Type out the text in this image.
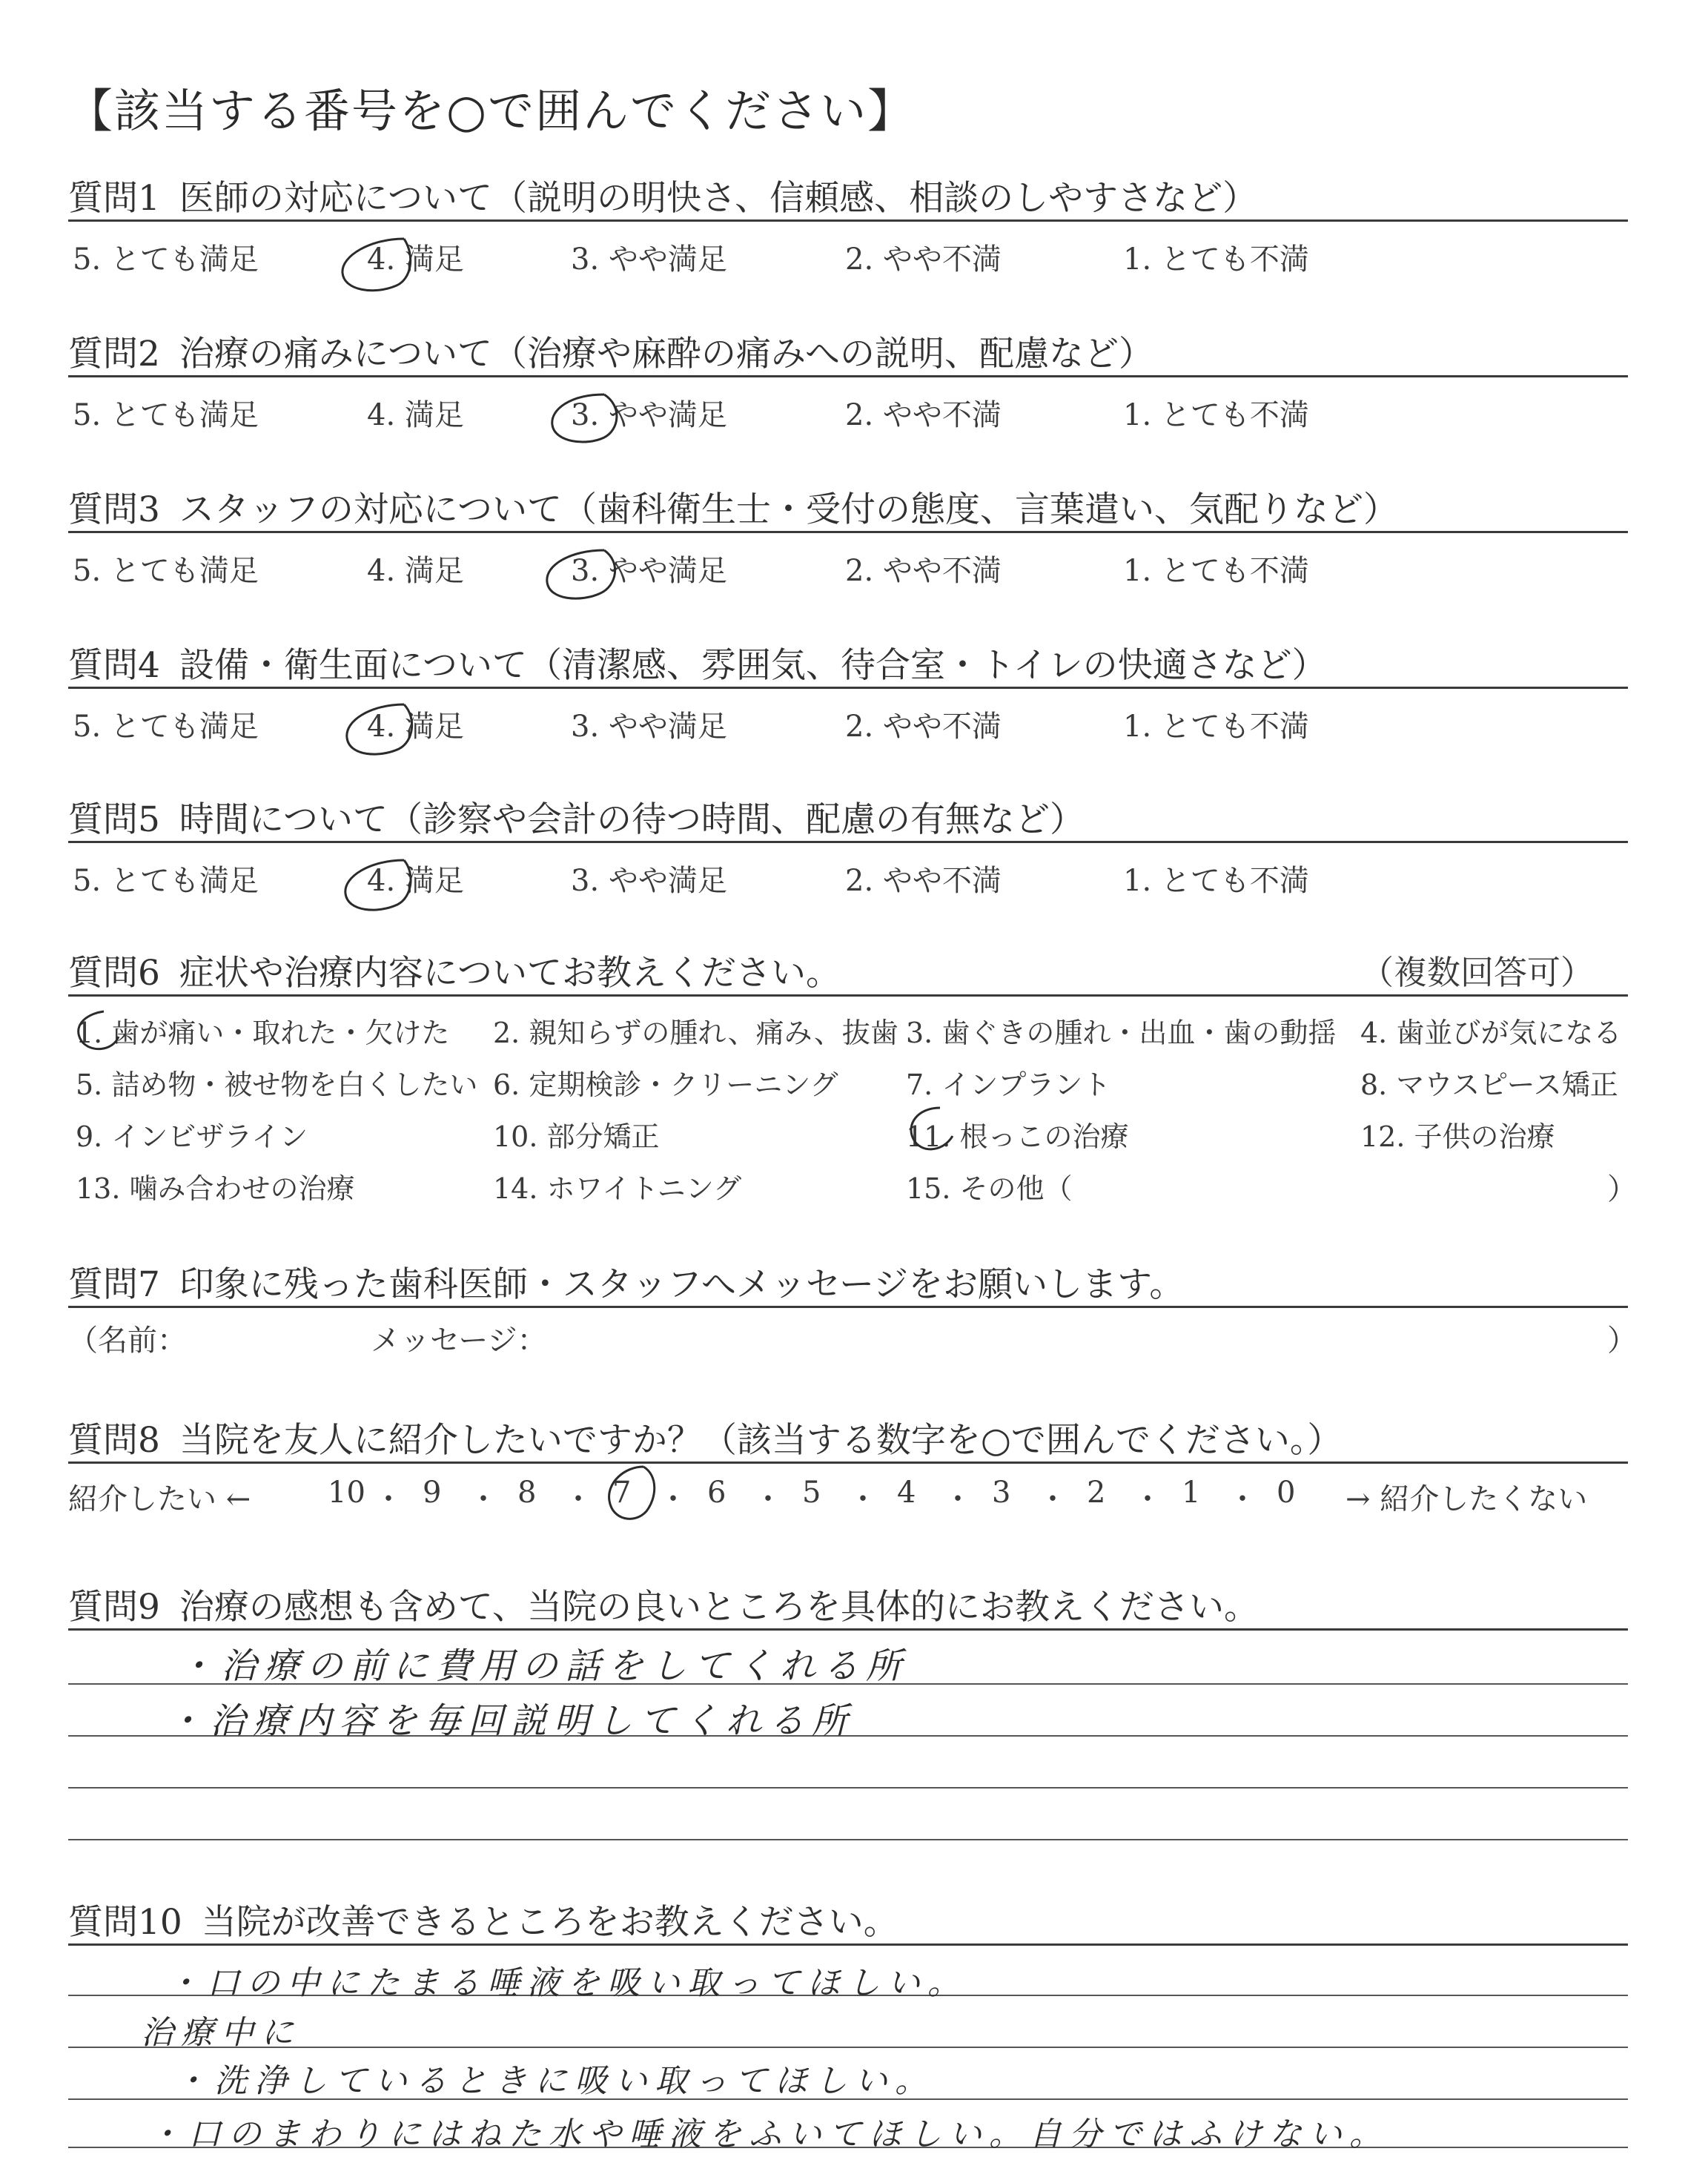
【該当する番号を○で囲んでください】
質問1 医師の対応について（説明の明快さ、信頼感、相談のしやすさなど）
5. とても満足	4. 満足	3. やや満足	2. やや不満	1. とても不満
質問2 治療の痛みについて（治療や麻酔の痛みへの説明、配慮など）
5. とても満足	4. 満足	3. やや満足	2. やや不満	1. とても不満
質問3 スタッフの対応について（歯科衛生士・受付の態度、言葉遣い、気配りなど）
5. とても満足	4. 満足	3. やや満足	2. やや不満	1. とても不満
質問4 設備・衛生面について（清潔感、雰囲気、待合室・トイレの快適さなど）
5. とても満足	4. 満足	3. やや満足	2. やや不満	1. とても不満
質問5 時間について（診察や会計の待つ時間、配慮の有無など）
5. とても満足	4. 満足	3. やや満足	2. やや不満	1. とても不満
質問6 症状や治療内容についてお教えください。	（複数回答可）
1. 歯が痛い・取れた・欠けた 2. 親知らずの腫れ、痛み、抜歯 3. 歯ぐきの腫れ・出血・歯の動揺 4. 歯並びが気になる
5. 詰め物・被せ物を白くしたい 6. 定期検診・クリーニング 7. インプラント	8. マウスピース矯正
9. インビザライン	10. 部分矯正	11. 根っこの治療	12. 子供の治療
13. 噛み合わせの治療	14. ホワイトニング	15. その他（	）
質問7 印象に残った歯科医師・スタッフへメッセージをお願いします。
（名前：	メッセージ：	）
質問8 当院を友人に紹介したいですか？（該当する数字を○で囲んでください。）
紹介したい ←	→ 紹介したくない
10 ・ 9 ・ 8 ・ 7 ・ 6 ・ 5 ・ 4 ・ 3 ・ 2 ・ 1 ・ 0
質問9 治療の感想も含めて、当院の良いところを具体的にお教えください。
・治療の前に費用の話をしてくれる所
・治療内容を毎回説明してくれる所
質問10 当院が改善できるところをお教えください。
・口の中にたまる唾液を吸い取ってほしい。
治療中に
・洗浄しているときに吸い取ってほしい。
・口のまわりにはねた水や唾液をふいてほしい。自分ではふけない。
